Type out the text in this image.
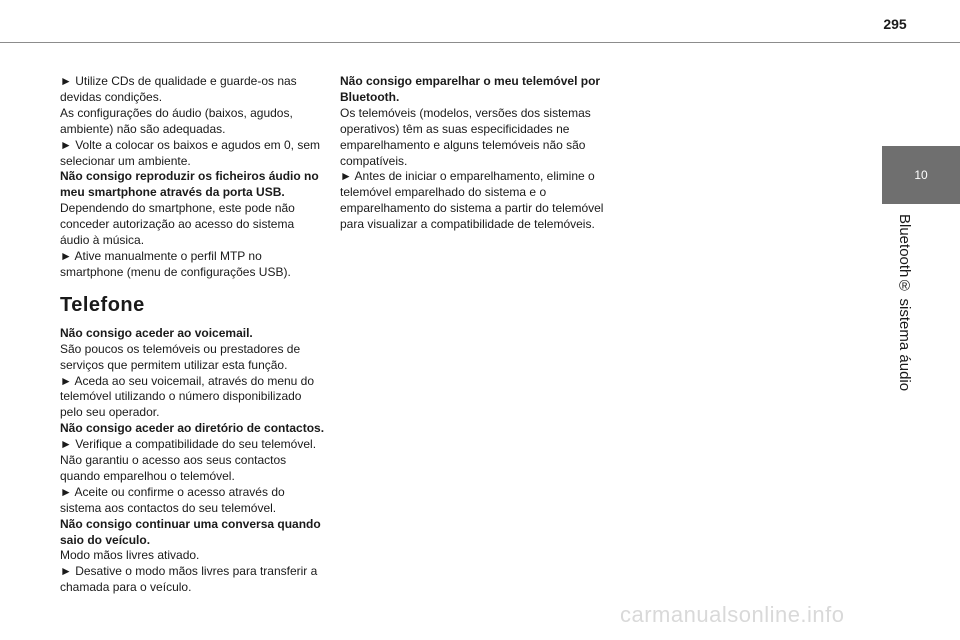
295
10
Bluetooth® sistema áudio

► Utilize CDs de qualidade e guarde-os nas devidas condições.

As configurações do áudio (baixos, agudos, ambiente) não são adequadas.

► Volte a colocar os baixos e agudos em 0, sem selecionar um ambiente.

Não consigo reproduzir os ficheiros áudio no meu smartphone através da porta USB.

Dependendo do smartphone, este pode não conceder autorização ao acesso do sistema áudio à música.

► Ative manualmente o perfil MTP no smartphone (menu de configurações USB).

Telefone

Não consigo aceder ao voicemail.

São poucos os telemóveis ou prestadores de serviços que permitem utilizar esta função.

► Aceda ao seu voicemail, através do menu do telemóvel utilizando o número disponibilizado pelo seu operador.

Não consigo aceder ao diretório de contactos.

► Verifique a compatibilidade do seu telemóvel.

Não garantiu o acesso aos seus contactos quando emparelhou o telemóvel.

► Aceite ou confirme o acesso através do sistema aos contactos do seu telemóvel.

Não consigo continuar uma conversa quando saio do veículo.

Modo mãos livres ativado.

► Desative o modo mãos livres para transferir a chamada para o veículo.

Não consigo emparelhar o meu telemóvel por Bluetooth.

Os telemóveis (modelos, versões dos sistemas operativos) têm as suas especificidades ne emparelhamento e alguns telemóveis não são compatíveis.

► Antes de iniciar o emparelhamento, elimine o telemóvel emparelhado do sistema e o emparelhamento do sistema a partir do telemóvel para visualizar a compatibilidade de telemóveis.

carmanualsonline.info
